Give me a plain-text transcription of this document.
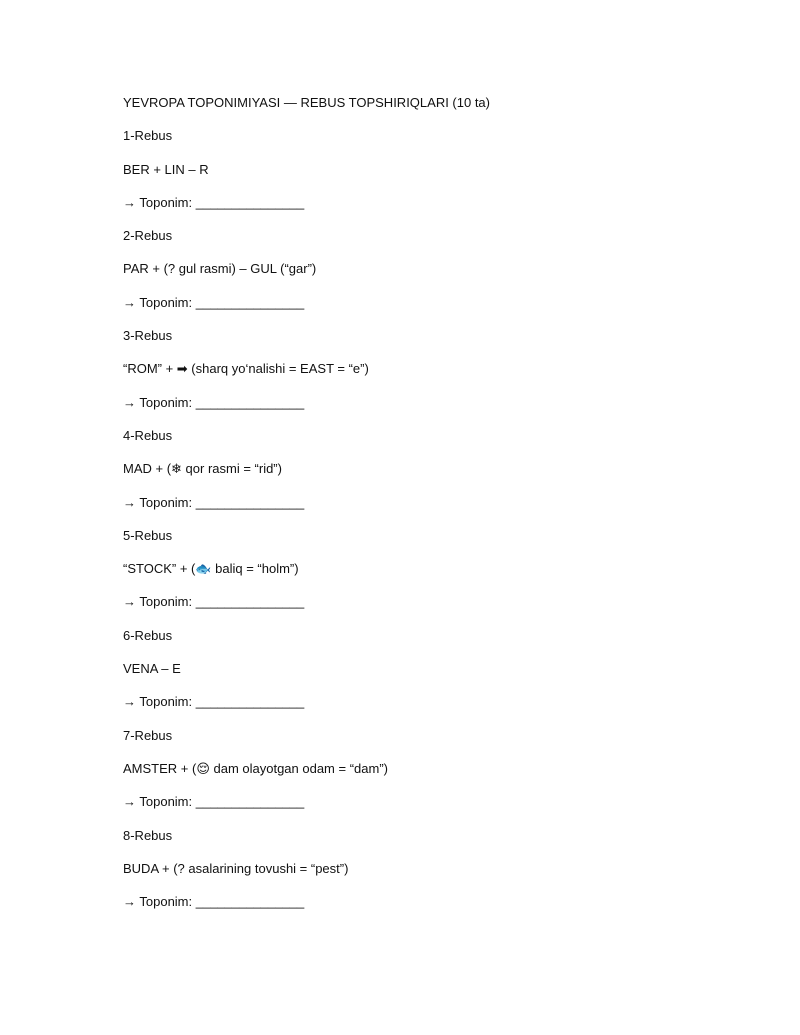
YEVROPA TOPONIMIYASI — REBUS TOPSHIRIQLARI (10 ta)
1-Rebus
BER + LIN – R
→ Toponim: _______________
2-Rebus
PAR + (? gul rasmi) – GUL (“gar”)
→ Toponim: _______________
3-Rebus
“ROM” + ➡ (sharq yo‘nalishi = EAST = “e”)
→ Toponim: _______________
4-Rebus
MAD + (❄ qor rasmi = “rid”)
→ Toponim: _______________
5-Rebus
“STOCK” + (🐟 baliq = “holm”)
→ Toponim: _______________
6-Rebus
VENA – E
→ Toponim: _______________
7-Rebus
AMSTER + (😌 dam olayotgan odam = “dam”)
→ Toponim: _______________
8-Rebus
BUDA + (? asalarining tovushi = “pest”)
→ Toponim: _______________
